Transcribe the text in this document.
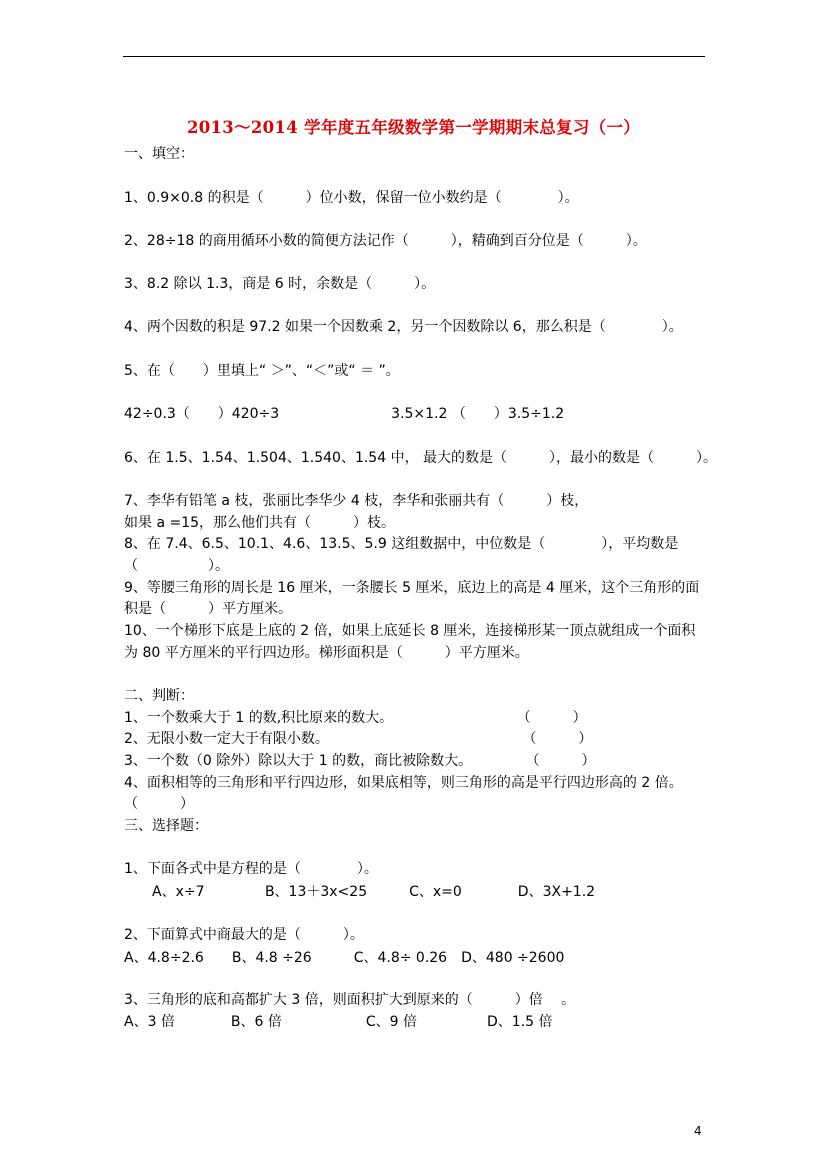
2013～2014 学年度五年级数学第一学期期末总复习（一）
一、填空：
1、0.9×0.8 的积是（　　　）位小数，保留一位小数约是（　　　　）。
2、28÷18 的商用循环小数的简便方法记作（　　　），精确到百分位是（　　　）。
3、8.2 除以 1.3，商是 6 时，余数是（　　　）。
4、两个因数的积是 97.2 如果一个因数乘 2，另一个因数除以 6，那么积是（　　　　）。
5、在（　　）里填上“ ＞”、“＜”或“ ＝ ”。
42÷0.3（　　）420÷3　　　　　　　　3.5×1.2 （　　）3.5÷1.2
6、在 1.5、1.54、1.504、1.540、1.54 中， 最大的数是（　　　），最小的数是（　　　）。
7、李华有铅笔 a 枝，张丽比李华少 4 枝，李华和张丽共有（　　　）枝，
如果 a =15，那么他们共有（　　　）枝。
8、在 7.4、6.5、10.1、4.6、13.5、5.9 这组数据中，中位数是（　　　　），平均数是
（　　　　　）。
9、等腰三角形的周长是 16 厘米，一条腰长 5 厘米，底边上的高是 4 厘米，这个三角形的面
积是（　　　）平方厘米。
10、一个梯形下底是上底的 2 倍，如果上底延长 8 厘米，连接梯形某一顶点就组成一个面积
为 80 平方厘米的平行四边形。梯形面积是（　　　）平方厘米。
二、判断：
1、一个数乘大于 1 的数,积比原来的数大。　　　　　　　　　 （　　　）
2、无限小数一定大于有限小数。　　　　　　　　　　　　　　 （　　　）
3、一个数（0 除外）除以大于 1 的数，商比被除数大。　　　　 （　　　）
4、面积相等的三角形和平行四边形，如果底相等，则三角形的高是平行四边形高的 2 倍。
（　　　）
三、选择题：
1、下面各式中是方程的是（　　　　）。
　　A、x÷7　　　　 B、13＋3x<25　　　C、x=0　　　　D、3X+1.2
2、下面算式中商最大的是（　　　）。
A、4.8÷2.6　　B、4.8 ÷26　　　C、4.8÷ 0.26　D、480 ÷2600
3、三角形的底和高都扩大 3 倍，则面积扩大到原来的（　　　）倍　 。
A、3 倍　　　　B、6 倍　　　　　　C、9 倍　　　　　D、1.5 倍
4
